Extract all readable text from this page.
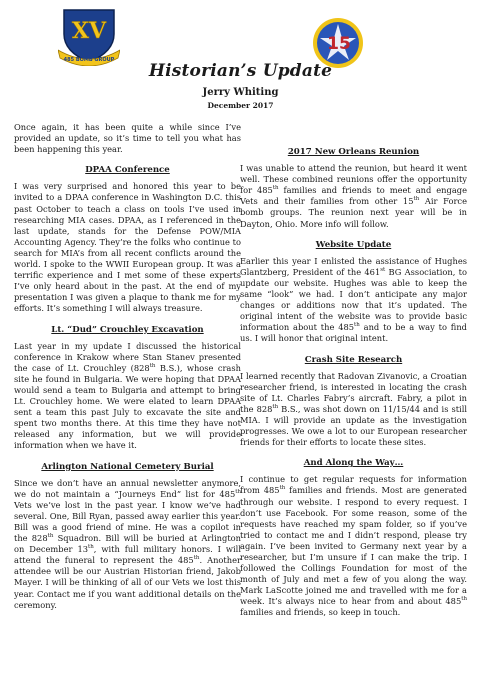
XV
485 BOMB GROUP
15
Historian’s Update
Jerry Whiting
December 2017

Once again, it has been quite a while since I’ve provided an update, so it’s time to tell you what has been happening this year.

DPAA Conference

I was very surprised and honored this year to be invited to a DPAA conference in Washington D.C. this past October to teach a class on tools I’ve used in researching MIA cases. DPAA, as I referenced in the last update, stands for the Defense POW/MIA Accounting Agency. They’re the folks who continue to search for MIA’s from all recent conflicts around the world. I spoke to the WWII European group. It was a terrific experience and I met some of these experts I’ve only heard about in the past. At the end of my presentation I was given a plaque to thank me for my efforts. It’s something I will always treasure.

Lt. “Dud” Crouchley Excavation

Last year in my update I discussed the historical conference in Krakow where Stan Stanev presented the case of Lt. Crouchley (828th B.S.), whose crash site he found in Bulgaria. We were hoping that DPAA would send a team to Bulgaria and attempt to bring Lt. Crouchley home. We were elated to learn DPAA sent a team this past July to excavate the site and spent two months there. At this time they have not released any information, but we will provide information when we have it.

Arlington National Cemetery Burial

Since we don’t have an annual newsletter anymore, we do not maintain a “Journeys End” list for 485th Vets we’ve lost in the past year. I know we’ve had several. One, Bill Ryan, passed away earlier this year. Bill was a good friend of mine. He was a copilot in the 828th Squadron. Bill will be buried at Arlington on December 13th, with full military honors. I will attend the funeral to represent the 485th. Another attendee will be our Austrian Historian friend, Jakob Mayer. I will be thinking of all of our Vets we lost this year. Contact me if you want additional details on the ceremony.

2017 New Orleans Reunion

I was unable to attend the reunion, but heard it went well. These combined reunions offer the opportunity for 485th families and friends to meet and engage Vets and their families from other 15th Air Force bomb groups. The reunion next year will be in Dayton, Ohio. More info will follow.

Website Update

Earlier this year I enlisted the assistance of Hughes Glantzberg, President of the 461st BG Association, to update our website. Hughes was able to keep the same “look” we had. I don’t anticipate any major changes or additions now that it’s updated. The original intent of the website was to provide basic information about the 485th and to be a way to find us. I will honor that original intent.

Crash Site Research

I learned recently that Radovan Zivanovic, a Croatian researcher friend, is interested in locating the crash site of Lt. Charles Fabry’s aircraft. Fabry, a pilot in the 828th B.S., was shot down on 11/15/44 and is still MIA. I will provide an update as the investigation progresses. We owe a lot to our European researcher friends for their efforts to locate these sites.

And Along the Way…

I continue to get regular requests for information from 485th families and friends. Most are generated through our website. I respond to every request. I don’t use Facebook. For some reason, some of the requests have reached my spam folder, so if you’ve tried to contact me and I didn’t respond, please try again. I’ve been invited to Germany next year by a researcher, but I’m unsure if I can make the trip. I followed the Collings Foundation for most of the month of July and met a few of you along the way. Mark LaScotte joined me and travelled with me for a week. It’s always nice to hear from and about 485th families and friends, so keep in touch.
